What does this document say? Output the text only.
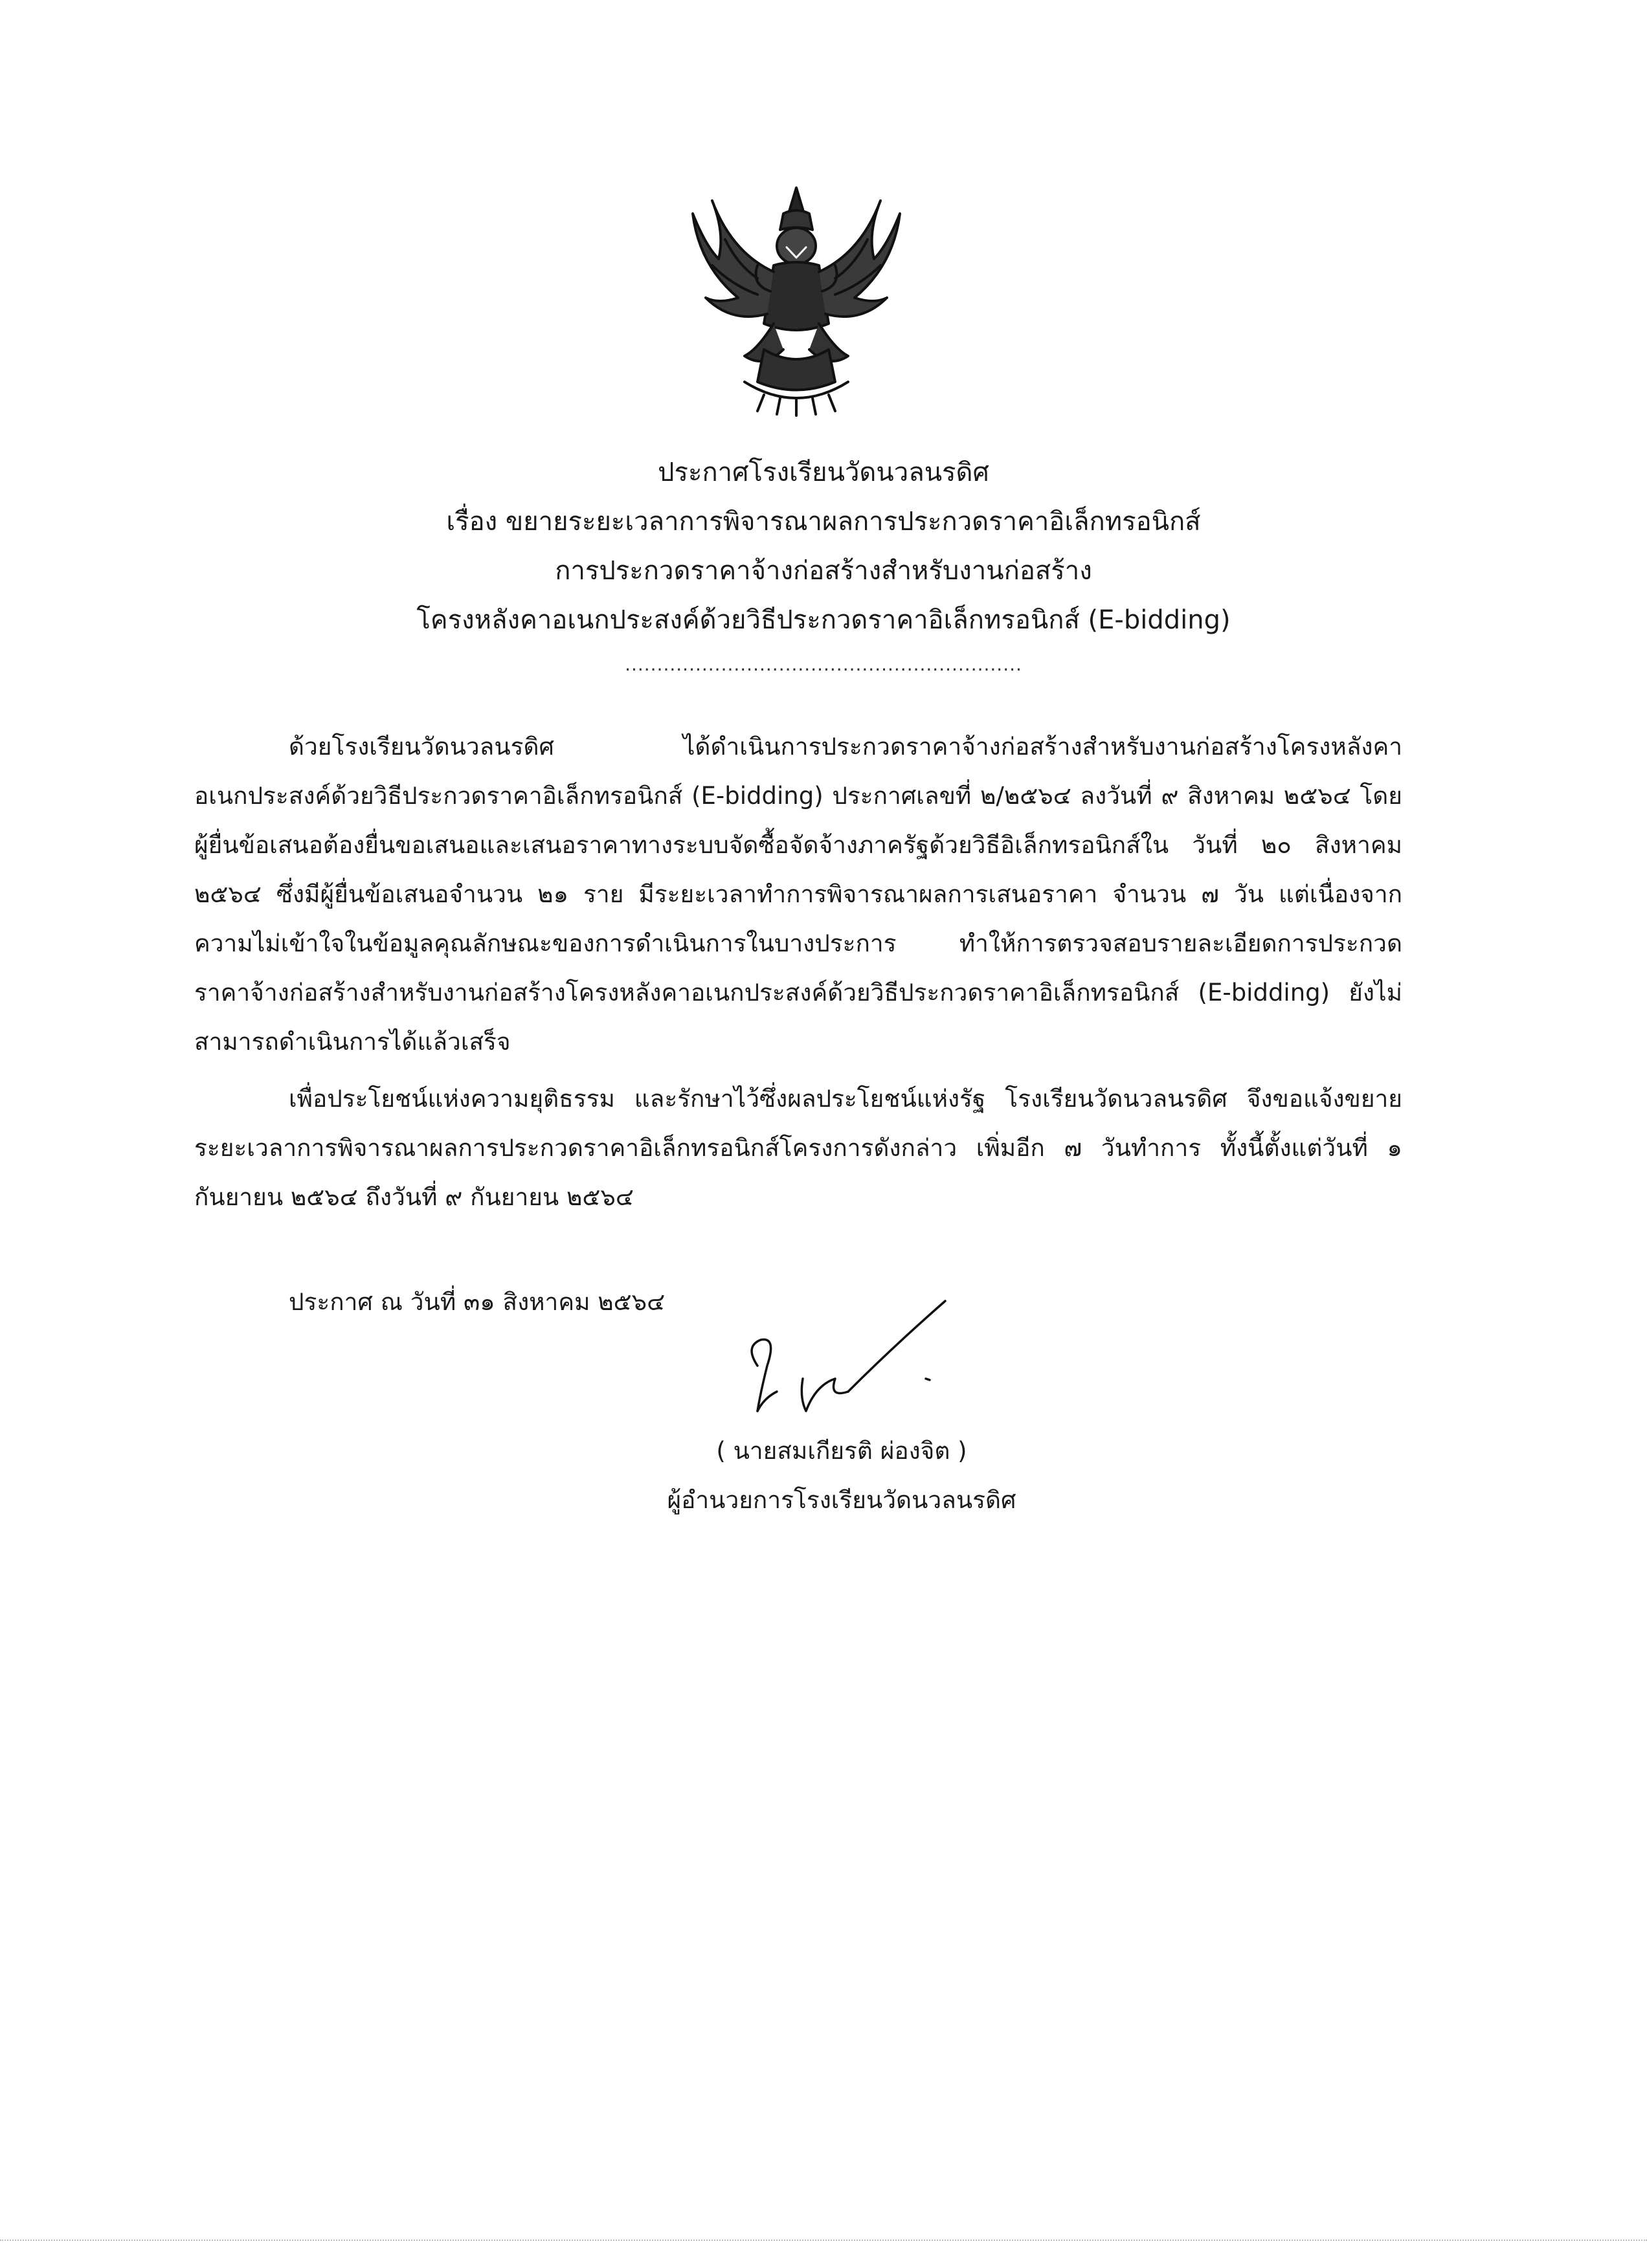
ประกาศโรงเรียนวัดนวลนรดิศ
เรื่อง ขยายระยะเวลาการพิจารณาผลการประกวดราคาอิเล็กทรอนิกส์
การประกวดราคาจ้างก่อสร้างสำหรับงานก่อสร้าง
โครงหลังคาอเนกประสงค์ด้วยวิธีประกวดราคาอิเล็กทรอนิกส์ (E-bidding)
..............................................................

ด้วยโรงเรียนวัดนวลนรดิศ ได้ดำเนินการประกวดราคาจ้างก่อสร้างสำหรับงานก่อสร้างโครงหลังคาอเนกประสงค์ด้วยวิธีประกวดราคาอิเล็กทรอนิกส์ (E-bidding) ประกาศเลขที่ ๒/๒๕๖๔ ลงวันที่ ๙ สิงหาคม ๒๕๖๔ โดยผู้ยื่นข้อเสนอต้องยื่นขอเสนอและเสนอราคาทางระบบจัดซื้อจัดจ้างภาครัฐด้วยวิธีอิเล็กทรอนิกส์ใน วันที่ ๒๐ สิงหาคม ๒๕๖๔ ซึ่งมีผู้ยื่นข้อเสนอจำนวน ๒๑ ราย มีระยะเวลาทำการพิจารณาผลการเสนอราคา จำนวน ๗ วัน แต่เนื่องจากความไม่เข้าใจในข้อมูลคุณลักษณะของการดำเนินการในบางประการ ทำให้การตรวจสอบรายละเอียดการประกวดราคาจ้างก่อสร้างสำหรับงานก่อสร้างโครงหลังคาอเนกประสงค์ด้วยวิธีประกวดราคาอิเล็กทรอนิกส์ (E-bidding) ยังไม่สามารถดำเนินการได้แล้วเสร็จ

เพื่อประโยชน์แห่งความยุติธรรม และรักษาไว้ซึ่งผลประโยชน์แห่งรัฐ โรงเรียนวัดนวลนรดิศ จึงขอแจ้งขยายระยะเวลาการพิจารณาผลการประกวดราคาอิเล็กทรอนิกส์โครงการดังกล่าว เพิ่มอีก ๗ วันทำการ ทั้งนี้ตั้งแต่วันที่ ๑ กันยายน ๒๕๖๔ ถึงวันที่ ๙ กันยายน ๒๕๖๔

ประกาศ ณ วันที่ ๓๑ สิงหาคม ๒๕๖๔
( นายสมเกียรติ ผ่องจิต )
ผู้อำนวยการโรงเรียนวัดนวลนรดิศ
